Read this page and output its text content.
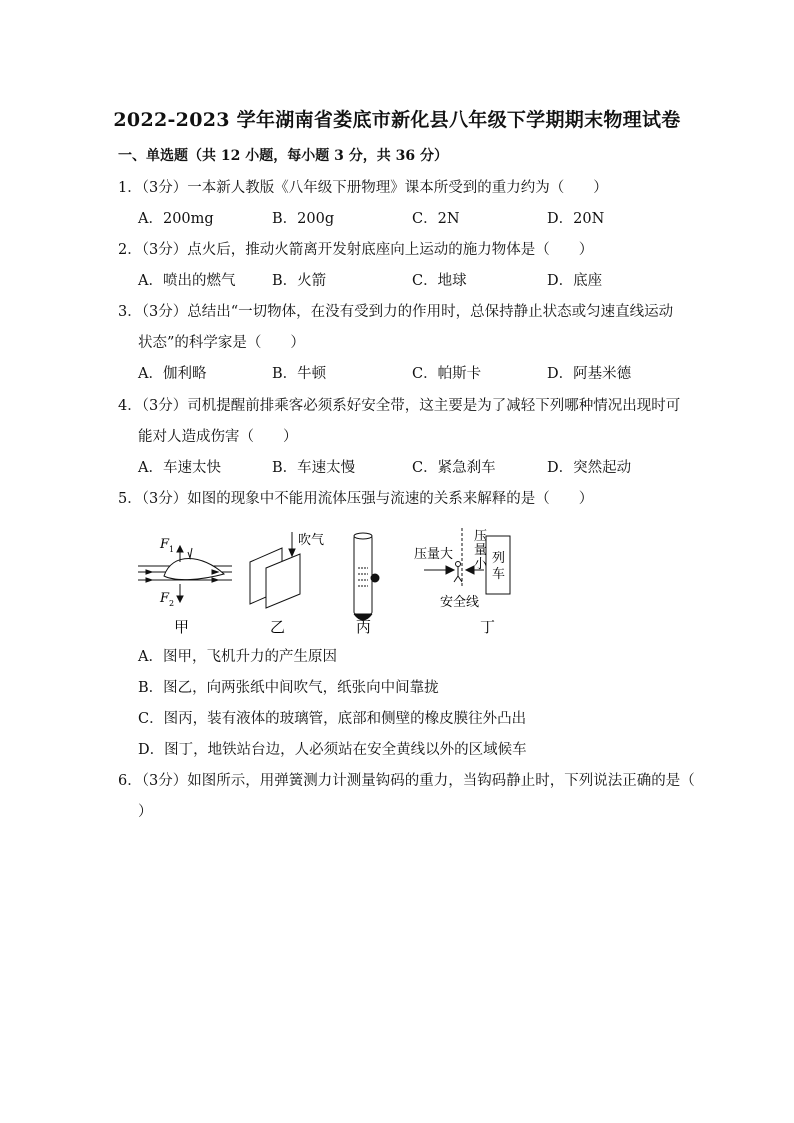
2022-2023 学年湖南省娄底市新化县八年级下学期期末物理试卷
一、单选题（共 12 小题，每小题 3 分，共 36 分）
1．（3分）一本新人教版《八年级下册物理》课本所受到的重力约为（　　）
A．200mg	B．200g	C．2N	D．20N
2．（3分）点火后，推动火箭离开发射底座向上运动的施力物体是（　　）
A．喷出的燃气	B．火箭	C．地球	D．底座
3．（3分）总结出“一切物体，在没有受到力的作用时，总保持静止状态或匀速直线运动
状态”的科学家是（　　）
A．伽利略	B．牛顿	C．帕斯卡	D．阿基米德
4．（3分）司机提醒前排乘客必须系好安全带，这主要是为了减轻下列哪种情况出现时可
能对人造成伤害（　　）
A．车速太快	B．车速太慢	C．紧急刹车	D．突然起动
5．（3分）如图的现象中不能用流体压强与流速的关系来解释的是（　　）
F 1
F 2
吹气
压量大
压
量
小 列
车
安全线
甲	乙	丙	丁
A．图甲，飞机升力的产生原因
B．图乙，向两张纸中间吹气，纸张向中间靠拢
C．图丙，装有液体的玻璃管，底部和侧壁的橡皮膜往外凸出
D．图丁，地铁站台边，人必须站在安全黄线以外的区域候车
6．（3分）如图所示，用弹簧测力计测量钩码的重力，当钩码静止时，下列说法正确的是（
）
